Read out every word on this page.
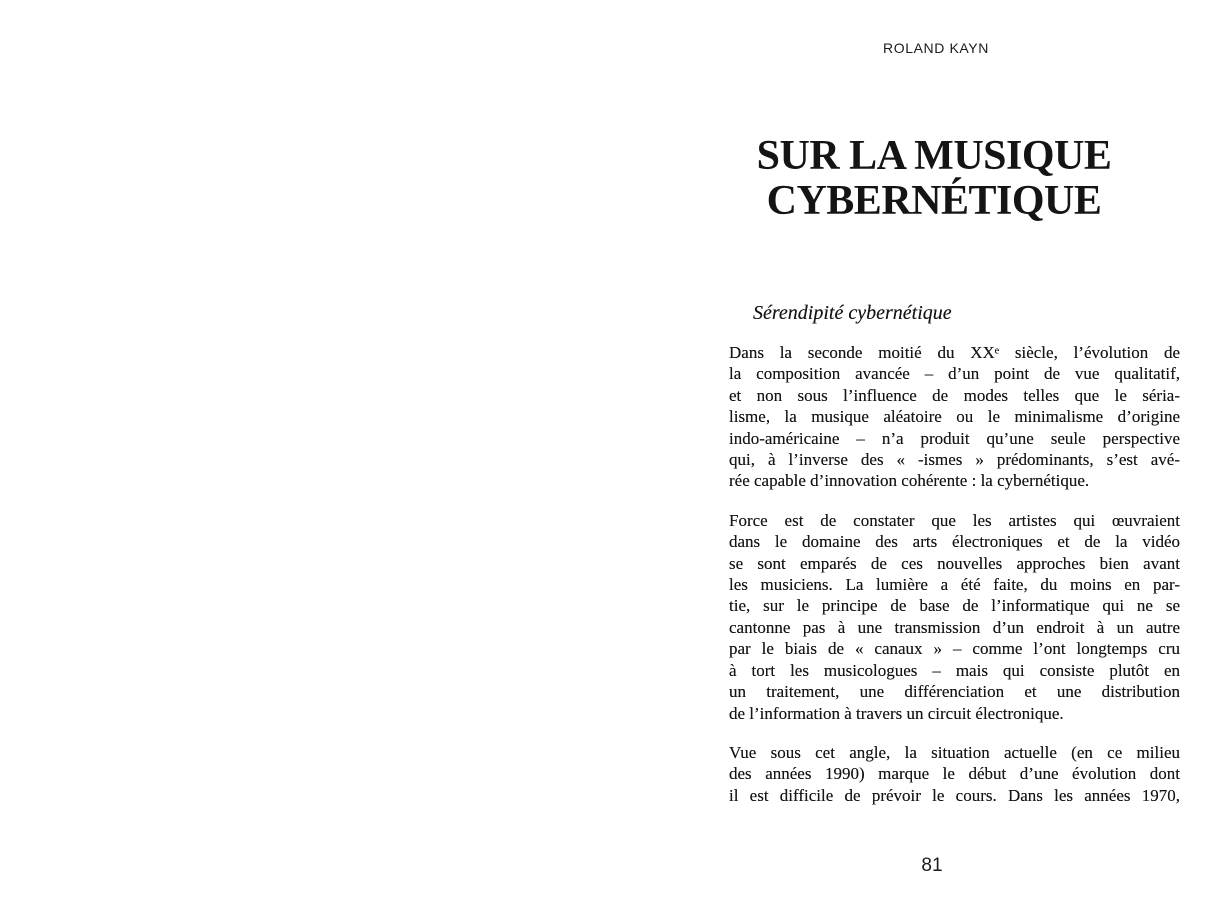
ROLAND KAYN
SUR LA MUSIQUE
CYBERNÉTIQUE
Sérendipité cybernétique
Dans la seconde moitié du XXᵉ siècle, l’évolution de
la composition avancée – d’un point de vue qualitatif,
et non sous l’influence de modes telles que le séria-
lisme, la musique aléatoire ou le minimalisme d’origine
indo-américaine – n’a produit qu’une seule perspective
qui, à l’inverse des « -ismes » prédominants, s’est avé-
rée capable d’innovation cohérente : la cybernétique.
Force est de constater que les artistes qui œuvraient
dans le domaine des arts électroniques et de la vidéo
se sont emparés de ces nouvelles approches bien avant
les musiciens. La lumière a été faite, du moins en par-
tie, sur le principe de base de l’informatique qui ne se
cantonne pas à une transmission d’un endroit à un autre
par le biais de « canaux » – comme l’ont longtemps cru
à tort les musicologues – mais qui consiste plutôt en
un traitement, une différenciation et une distribution
de l’information à travers un circuit électronique.
Vue sous cet angle, la situation actuelle (en ce milieu
des années 1990) marque le début d’une évolution dont
il est difficile de prévoir le cours. Dans les années 1970,
81
